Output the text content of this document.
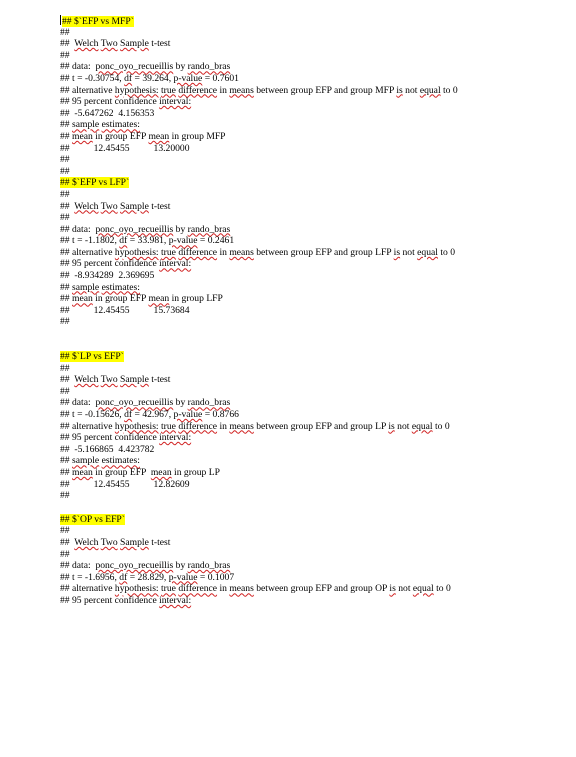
## $`EFP vs MFP`
##
## Welch Two Sample t-test
##
## data: ponc_oyo_recueillis by rando_bras
## t = -0.30754, df = 39.264, p-value = 0.7601
## alternative hypothesis: true difference in means between group EFP and group MFP is not equal to 0
## 95 percent confidence interval:
## -5.647262 4.156353
## sample estimates:
## mean in group EFP mean in group MFP
## 12.45455 13.20000
##
##
## $`EFP vs LFP`
##
## Welch Two Sample t-test
##
## data: ponc_oyo_recueillis by rando_bras
## t = -1.1802, df = 33.981, p-value = 0.2461
## alternative hypothesis: true difference in means between group EFP and group LFP is not equal to 0
## 95 percent confidence interval:
## -8.934289 2.369695
## sample estimates:
## mean in group EFP mean in group LFP
## 12.45455 15.73684
##
## $`LP vs EFP`
##
## Welch Two Sample t-test
##
## data: ponc_oyo_recueillis by rando_bras
## t = -0.15626, df = 42.967, p-value = 0.8766
## alternative hypothesis: true difference in means between group EFP and group LP is not equal to 0
## 95 percent confidence interval:
## -5.166865 4.423782
## sample estimates:
## mean in group EFP mean in group LP
## 12.45455 12.82609
##
## $`OP vs EFP`
##
## Welch Two Sample t-test
##
## data: ponc_oyo_recueillis by rando_bras
## t = -1.6956, df = 28.829, p-value = 0.1007
## alternative hypothesis: true difference in means between group EFP and group OP is not equal to 0
## 95 percent confidence interval:
